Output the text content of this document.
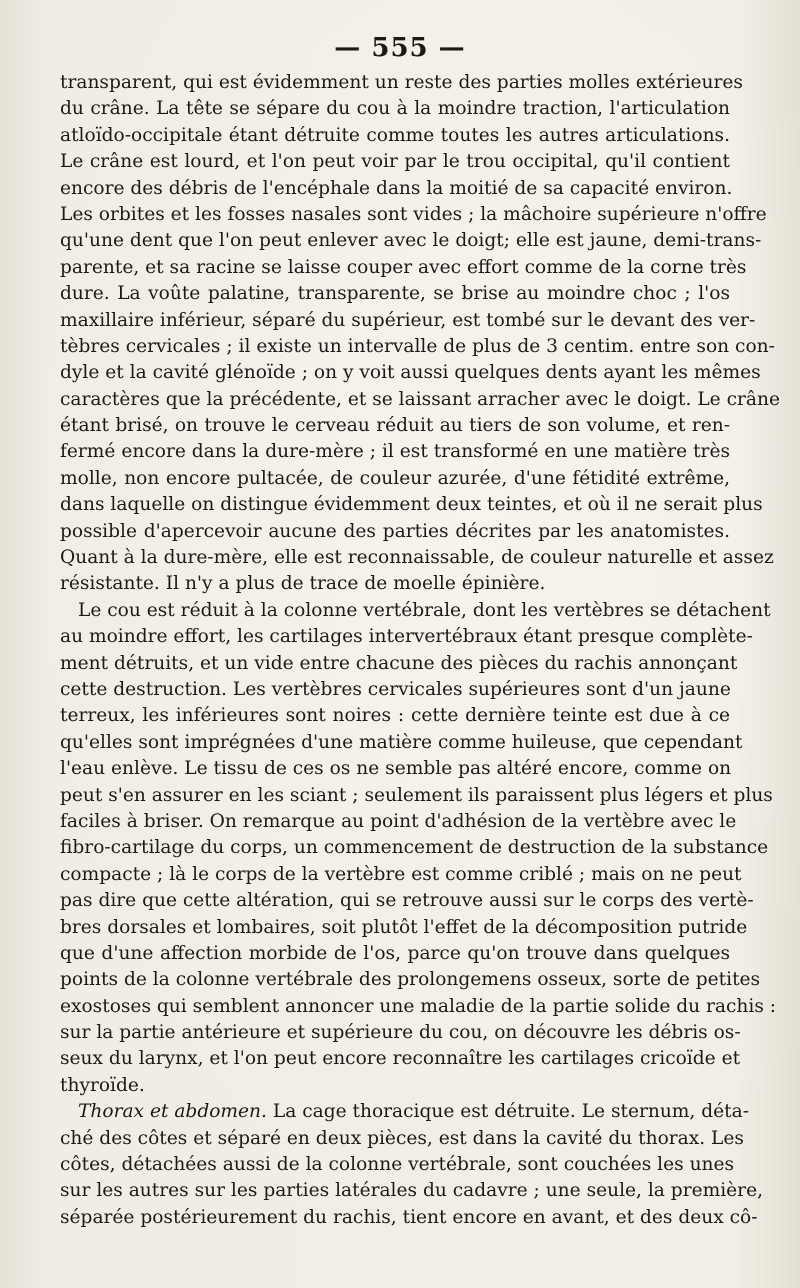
— 555 —
transparent, qui est évidemment un reste des parties molles extérieures
du crâne. La tête se sépare du cou à la moindre traction, l'articulation
atloïdo-occipitale étant détruite comme toutes les autres articulations.
Le crâne est lourd, et l'on peut voir par le trou occipital, qu'il contient
encore des débris de l'encéphale dans la moitié de sa capacité environ.
Les orbites et les fosses nasales sont vides ; la mâchoire supérieure n'offre
qu'une dent que l'on peut enlever avec le doigt; elle est jaune, demi-trans-
parente, et sa racine se laisse couper avec effort comme de la corne très
dure. La voûte palatine, transparente, se brise au moindre choc ; l'os
maxillaire inférieur, séparé du supérieur, est tombé sur le devant des ver-
tèbres cervicales ; il existe un intervalle de plus de 3 centim. entre son con-
dyle et la cavité glénoïde ; on y voit aussi quelques dents ayant les mêmes
caractères que la précédente, et se laissant arracher avec le doigt. Le crâne
étant brisé, on trouve le cerveau réduit au tiers de son volume, et ren-
fermé encore dans la dure-mère ; il est transformé en une matière très
molle, non encore pultacée, de couleur azurée, d'une fétidité extrême,
dans laquelle on distingue évidemment deux teintes, et où il ne serait plus
possible d'apercevoir aucune des parties décrites par les anatomistes.
Quant à la dure-mère, elle est reconnaissable, de couleur naturelle et assez
résistante. Il n'y a plus de trace de moelle épinière.
Le cou est réduit à la colonne vertébrale, dont les vertèbres se détachent
au moindre effort, les cartilages intervertébraux étant presque complète-
ment détruits, et un vide entre chacune des pièces du rachis annonçant
cette destruction. Les vertèbres cervicales supérieures sont d'un jaune
terreux, les inférieures sont noires : cette dernière teinte est due à ce
qu'elles sont imprégnées d'une matière comme huileuse, que cependant
l'eau enlève. Le tissu de ces os ne semble pas altéré encore, comme on
peut s'en assurer en les sciant ; seulement ils paraissent plus légers et plus
faciles à briser. On remarque au point d'adhésion de la vertèbre avec le
fibro-cartilage du corps, un commencement de destruction de la substance
compacte ; là le corps de la vertèbre est comme criblé ; mais on ne peut
pas dire que cette altération, qui se retrouve aussi sur le corps des vertè-
bres dorsales et lombaires, soit plutôt l'effet de la décomposition putride
que d'une affection morbide de l'os, parce qu'on trouve dans quelques
points de la colonne vertébrale des prolongemens osseux, sorte de petites
exostoses qui semblent annoncer une maladie de la partie solide du rachis :
sur la partie antérieure et supérieure du cou, on découvre les débris os-
seux du larynx, et l'on peut encore reconnaître les cartilages cricoïde et
thyroïde.
Thorax et abdomen. La cage thoracique est détruite. Le sternum, déta-
ché des côtes et séparé en deux pièces, est dans la cavité du thorax. Les
côtes, détachées aussi de la colonne vertébrale, sont couchées les unes
sur les autres sur les parties latérales du cadavre ; une seule, la première,
séparée postérieurement du rachis, tient encore en avant, et des deux cô-
